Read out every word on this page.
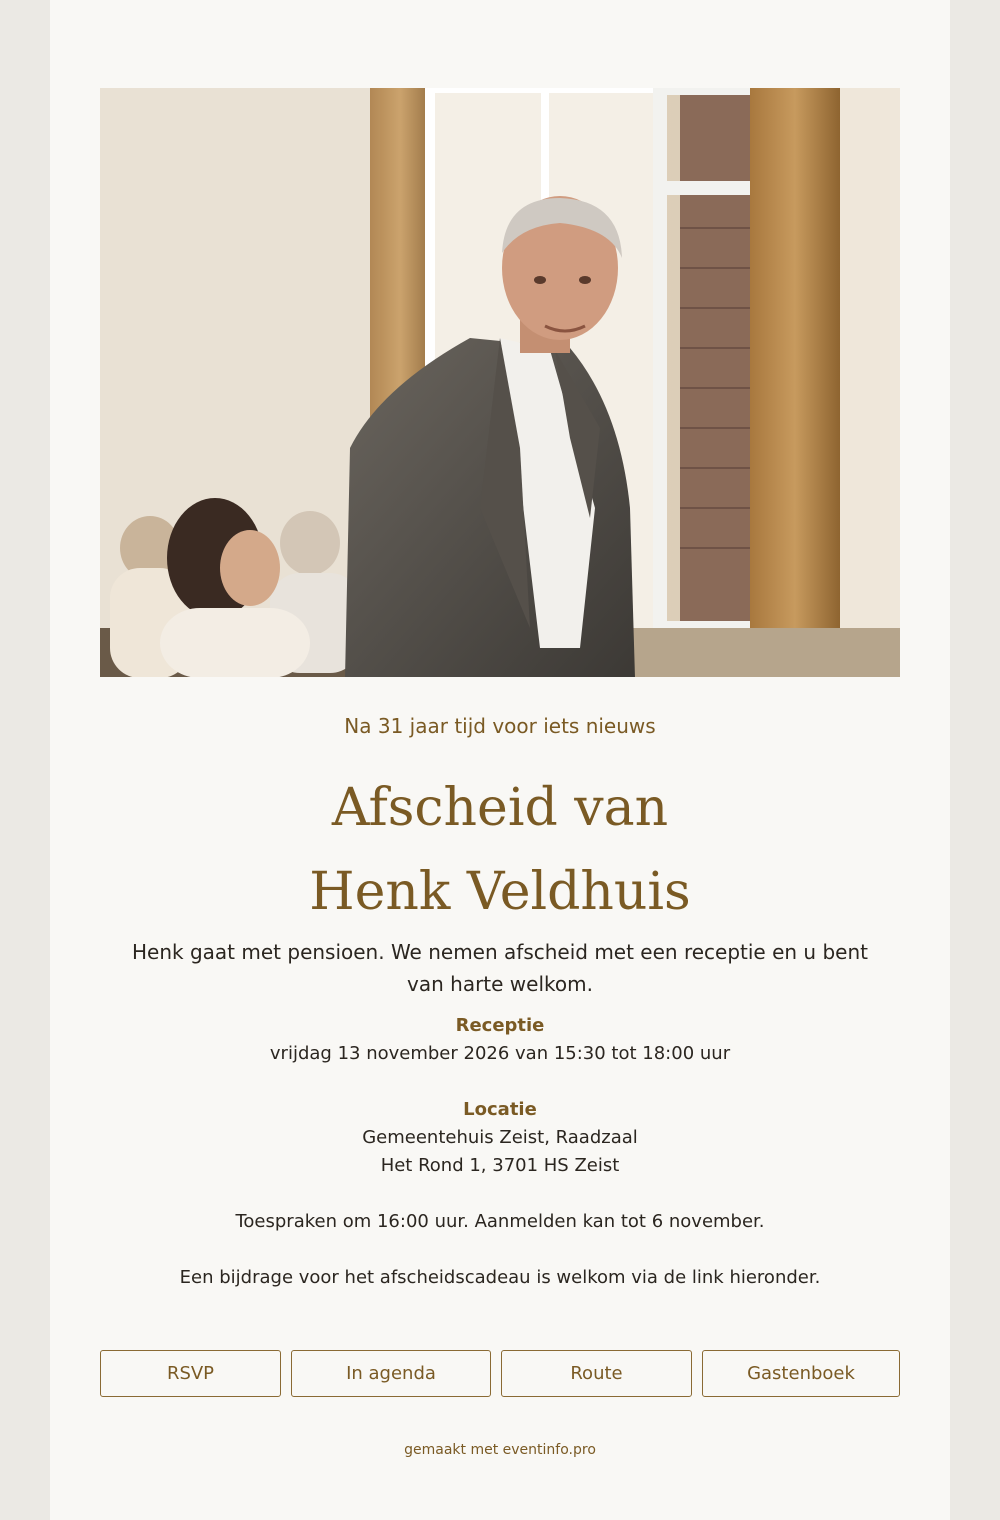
Na 31 jaar tijd voor iets nieuws
Afscheid van
Henk Veldhuis
Henk gaat met pensioen. We nemen afscheid met een receptie en u bent van harte welkom.
Receptie
vrijdag 13 november 2026 van 15:30 tot 18:00 uur
Locatie
Gemeentehuis Zeist, Raadzaal
Het Rond 1, 3701 HS Zeist
Toespraken om 16:00 uur. Aanmelden kan tot 6 november.
Een bijdrage voor het afscheidscadeau is welkom via de link hieronder.
RSVP	In agenda	Route	Gastenboek
gemaakt met eventinfo.pro
